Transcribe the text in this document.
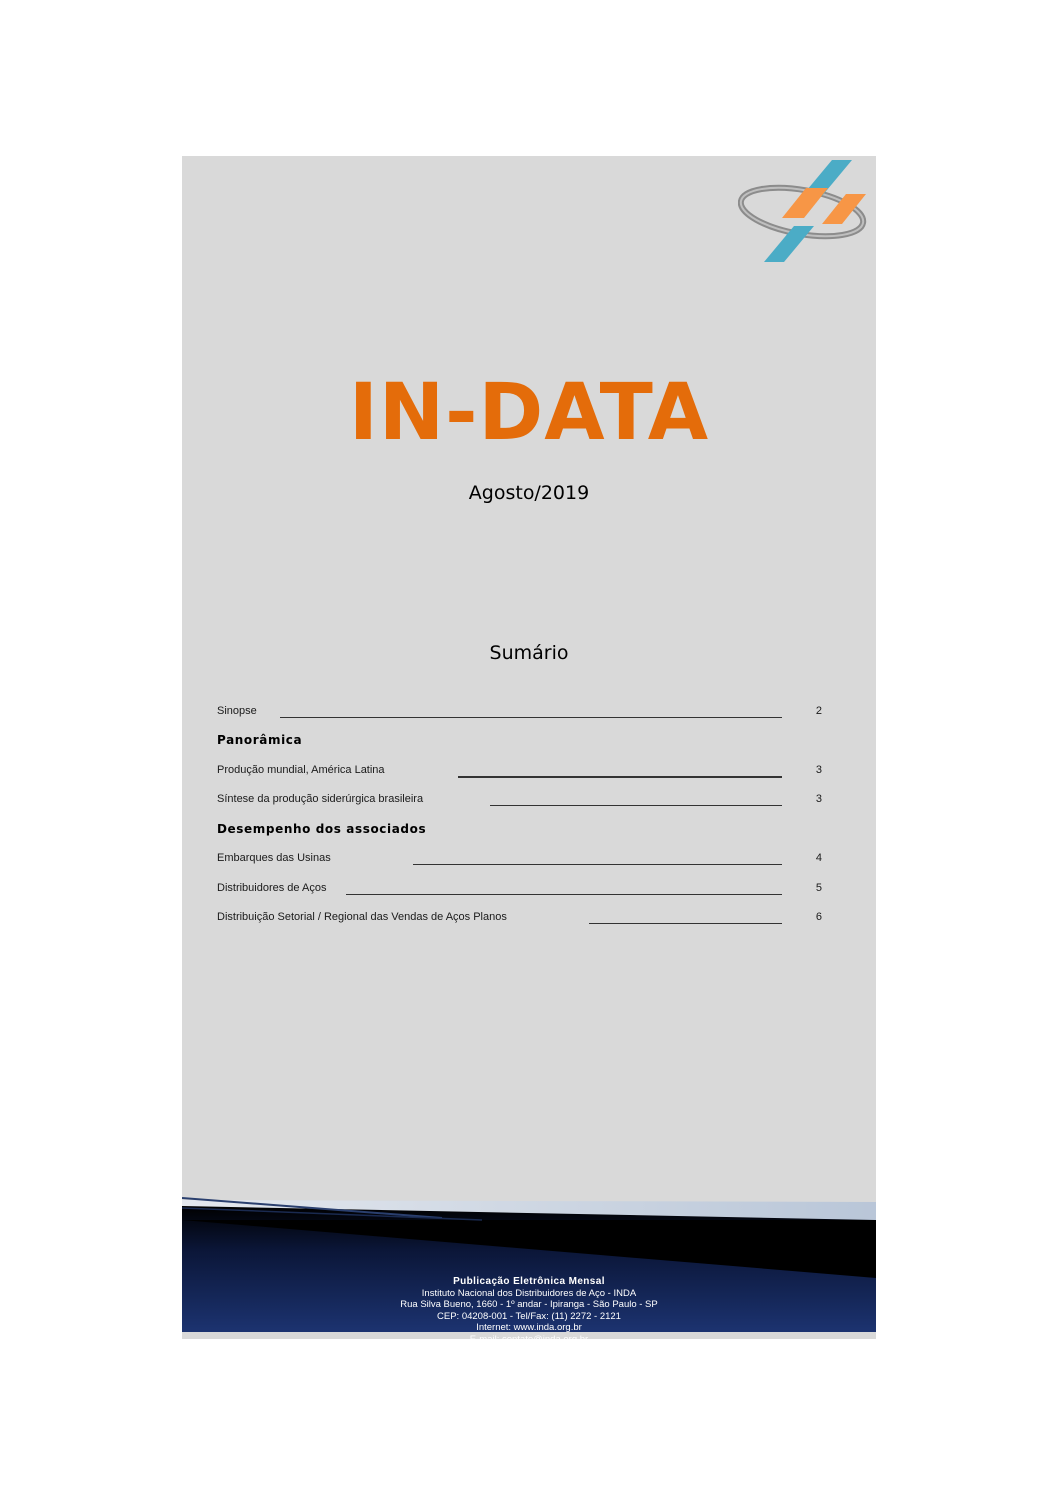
IN-DATA
Agosto/2019
Sumário
Sinopse	2
Panorâmica
Produção mundial, América Latina	3
Síntese da produção siderúrgica brasileira	3
Desempenho dos associados
Embarques das Usinas	4
Distribuidores de Aços	5
Distribuição Setorial / Regional das Vendas de Aços Planos	6
Publicação Eletrônica Mensal
Instituto Nacional dos Distribuidores de Aço - INDA
Rua Silva Bueno, 1660 - 1º andar - Ipiranga - São Paulo - SP
CEP: 04208-001 - Tel/Fax: (11) 2272 - 2121
Internet: www.inda.org.br
E-mail: contato@inda.org.br
